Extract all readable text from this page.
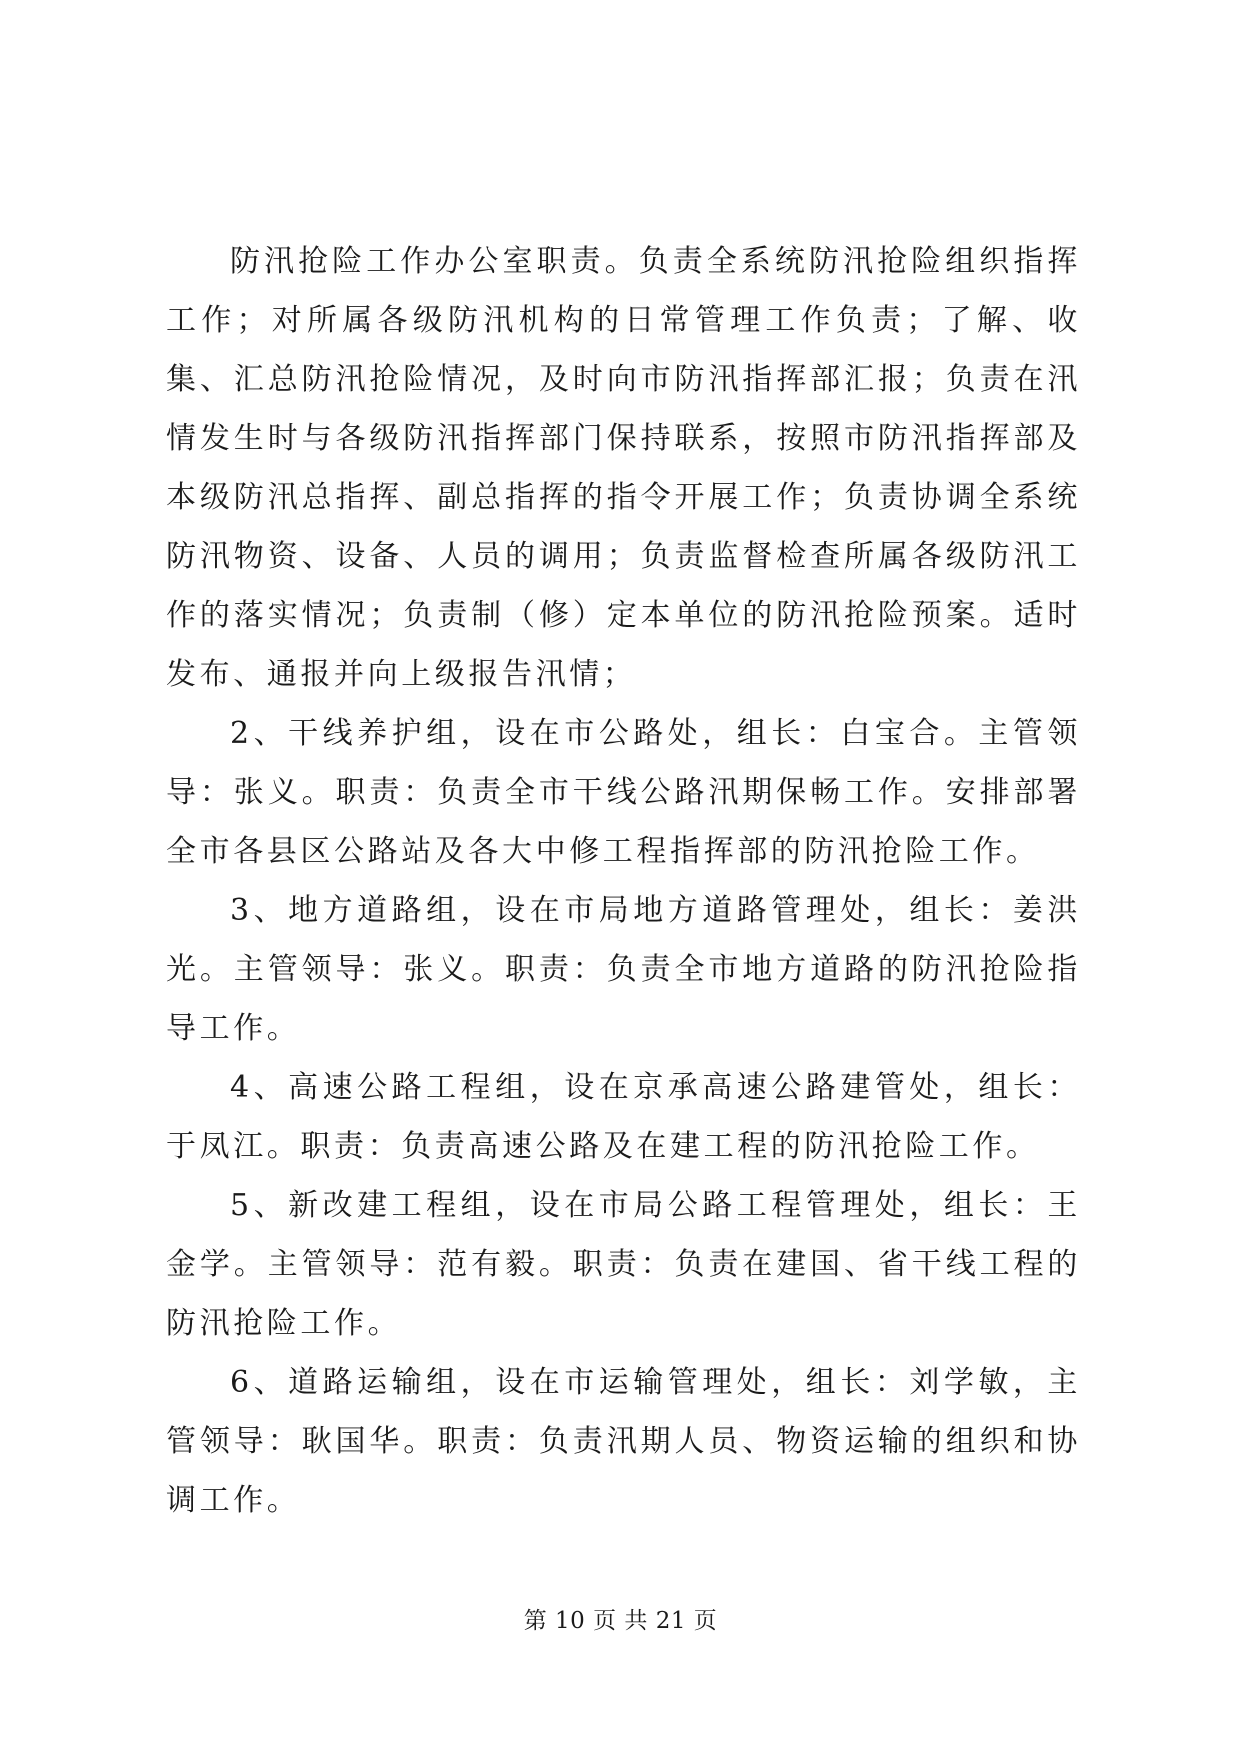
防汛抢险工作办公室职责。负责全系统防汛抢险组织指挥工作；对所属各级防汛机构的日常管理工作负责；了解、收集、汇总防汛抢险情况，及时向市防汛指挥部汇报；负责在汛情发生时与各级防汛指挥部门保持联系，按照市防汛指挥部及本级防汛总指挥、副总指挥的指令开展工作；负责协调全系统防汛物资、设备、人员的调用；负责监督检查所属各级防汛工作的落实情况；负责制（修）定本单位的防汛抢险预案。适时发布、通报并向上级报告汛情；

2、干线养护组，设在市公路处，组长：白宝合。主管领导：张义。职责：负责全市干线公路汛期保畅工作。安排部署全市各县区公路站及各大中修工程指挥部的防汛抢险工作。

3、地方道路组，设在市局地方道路管理处，组长：姜洪光。主管领导：张义。职责：负责全市地方道路的防汛抢险指导工作。

4、高速公路工程组，设在京承高速公路建管处，组长：于凤江。职责：负责高速公路及在建工程的防汛抢险工作。

5、新改建工程组，设在市局公路工程管理处，组长：王金学。主管领导：范有毅。职责：负责在建国、省干线工程的防汛抢险工作。

6、道路运输组，设在市运输管理处，组长：刘学敏，主管领导：耿国华。职责：负责汛期人员、物资运输的组织和协调工作。

第 10 页 共 21 页
